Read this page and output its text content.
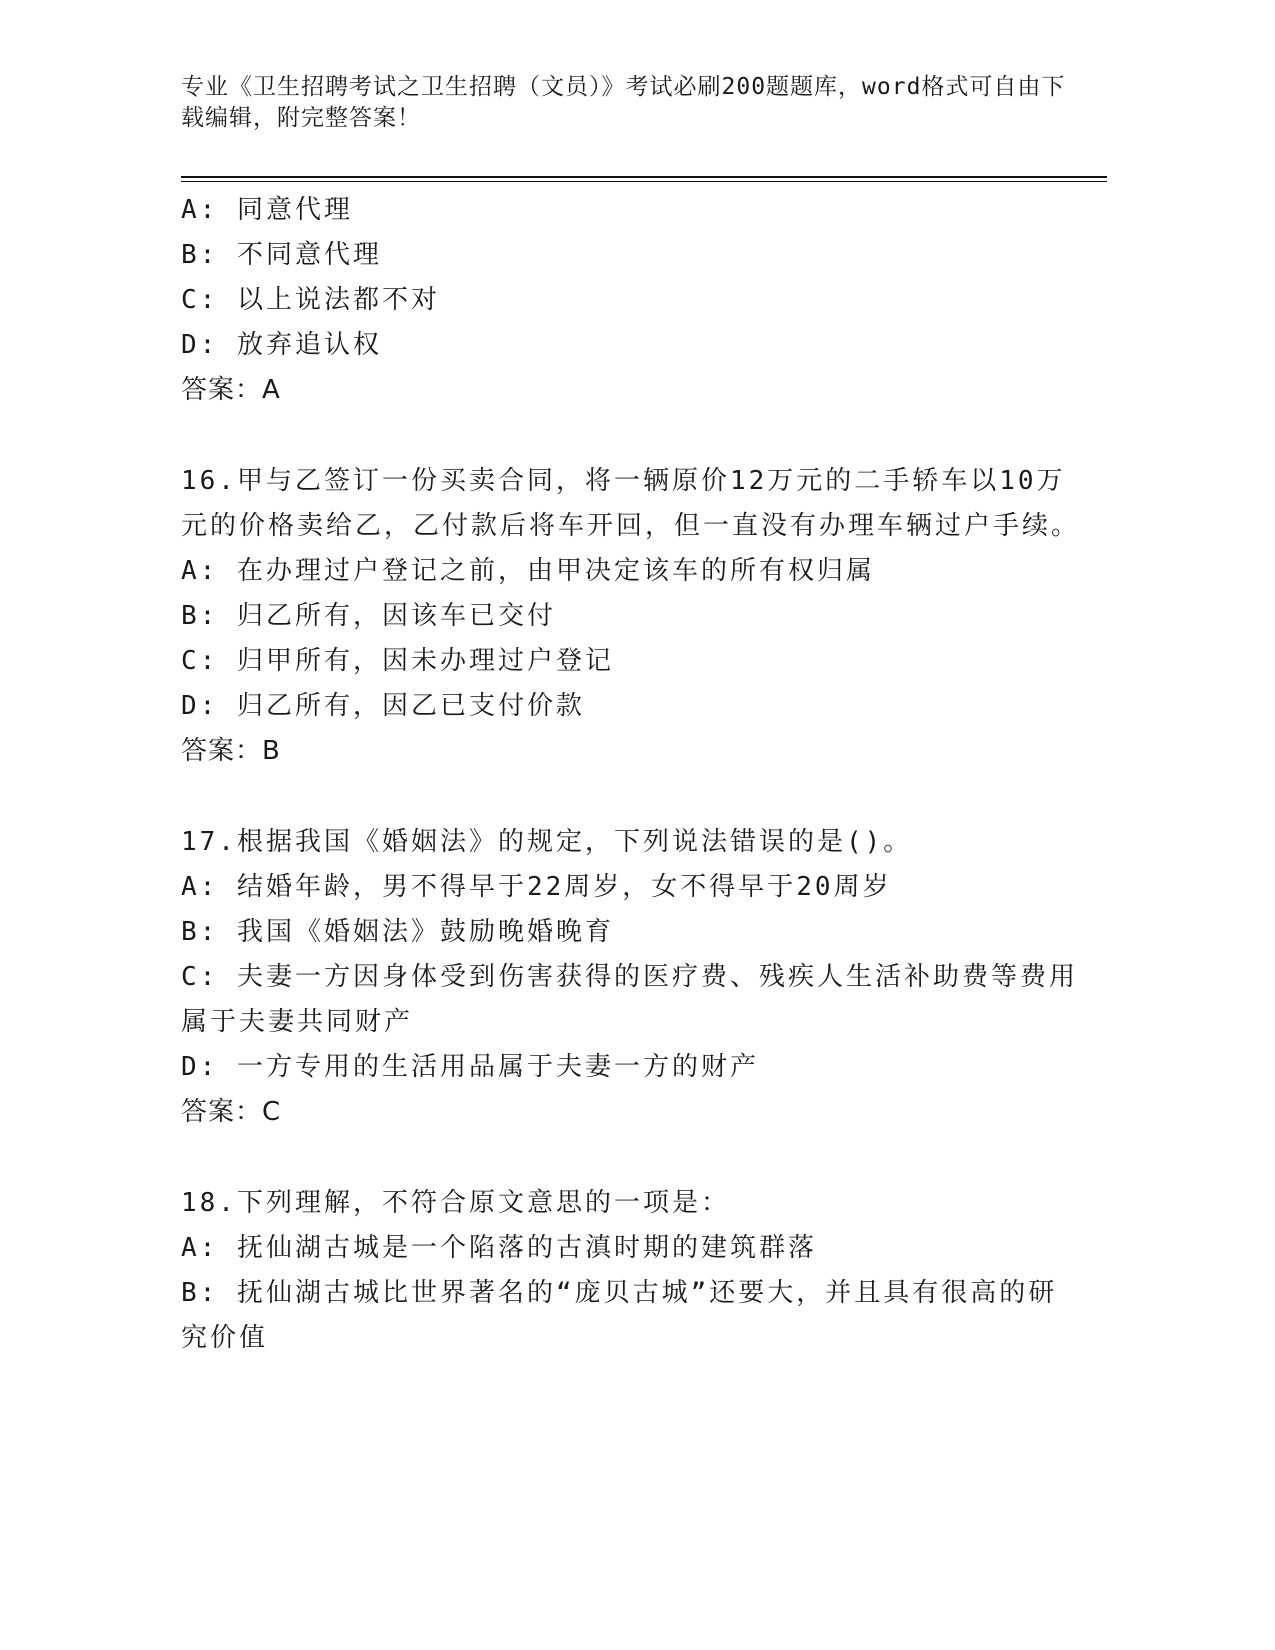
专业《卫生招聘考试之卫生招聘（文员）》考试必刷200题题库，word格式可自由下载编辑，附完整答案！

A: 同意代理

B: 不同意代理

C: 以上说法都不对

D: 放弃追认权

答案：A

16.甲与乙签订一份买卖合同，将一辆原价12万元的二手轿车以10万元的价格卖给乙，乙付款后将车开回，但一直没有办理车辆过户手续。

A: 在办理过户登记之前，由甲决定该车的所有权归属

B: 归乙所有，因该车已交付

C: 归甲所有，因未办理过户登记

D: 归乙所有，因乙已支付价款

答案：B

17.根据我国《婚姻法》的规定，下列说法错误的是()。

A: 结婚年龄，男不得早于22周岁，女不得早于20周岁

B: 我国《婚姻法》鼓励晚婚晚育

C: 夫妻一方因身体受到伤害获得的医疗费、残疾人生活补助费等费用属于夫妻共同财产

D: 一方专用的生活用品属于夫妻一方的财产

答案：C

18.下列理解，不符合原文意思的一项是：

A: 抚仙湖古城是一个陷落的古滇时期的建筑群落

B: 抚仙湖古城比世界著名的“庞贝古城”还要大，并且具有很高的研究价值
